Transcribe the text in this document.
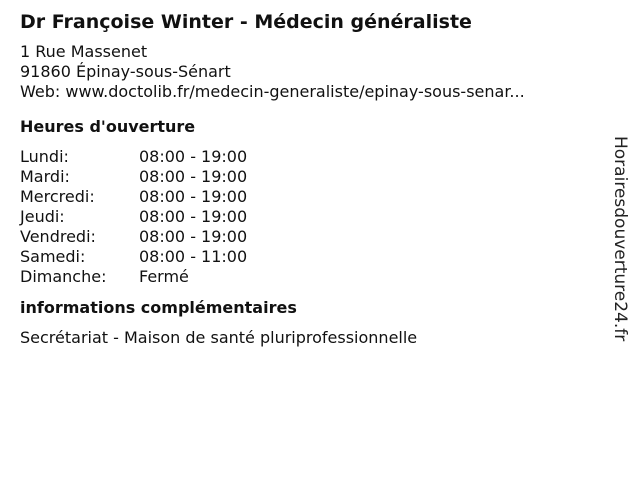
Dr Françoise Winter - Médecin généraliste
1 Rue Massenet
91860 Épinay-sous-Sénart
Web: www.doctolib.fr/medecin-generaliste/epinay-sous-senar...
Heures d'ouverture
Lundi:	08:00 - 19:00
Mardi:	08:00 - 19:00
Mercredi:	08:00 - 19:00
Jeudi:	08:00 - 19:00
Vendredi:	08:00 - 19:00
Samedi:	08:00 - 11:00
Dimanche:	Fermé
informations complémentaires
Secrétariat - Maison de santé pluriprofessionnelle	Horairesdouverture24.fr
